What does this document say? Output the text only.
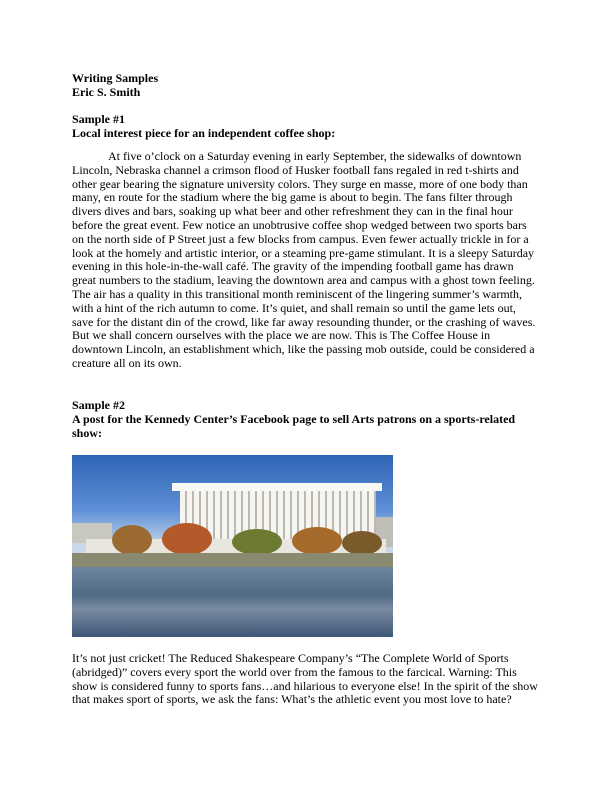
Writing Samples
Eric S. Smith
Sample #1
Local interest piece for an independent coffee shop:
At five o’clock on a Saturday evening in early September, the sidewalks of downtown
Lincoln, Nebraska channel a crimson flood of Husker football fans regaled in red t-shirts and
other gear bearing the signature university colors. They surge en masse, more of one body than
many, en route for the stadium where the big game is about to begin. The fans filter through
divers dives and bars, soaking up what beer and other refreshment they can in the final hour
before the great event. Few notice an unobtrusive coffee shop wedged between two sports bars
on the north side of P Street just a few blocks from campus. Even fewer actually trickle in for a
look at the homely and artistic interior, or a steaming pre-game stimulant. It is a sleepy Saturday
evening in this hole-in-the-wall café. The gravity of the impending football game has drawn
great numbers to the stadium, leaving the downtown area and campus with a ghost town feeling.
The air has a quality in this transitional month reminiscent of the lingering summer’s warmth,
with a hint of the rich autumn to come. It’s quiet, and shall remain so until the game lets out,
save for the distant din of the crowd, like far away resounding thunder, or the crashing of waves.
But we shall concern ourselves with the place we are now. This is The Coffee House in
downtown Lincoln, an establishment which, like the passing mob outside, could be considered a
creature all on its own.
Sample #2
A post for the Kennedy Center’s Facebook page to sell Arts patrons on a sports-related
show:
It’s not just cricket! The Reduced Shakespeare Company’s “The Complete World of Sports
(abridged)” covers every sport the world over from the famous to the farcical. Warning: This
show is considered funny to sports fans…and hilarious to everyone else! In the spirit of the show
that makes sport of sports, we ask the fans: What’s the athletic event you most love to hate?
